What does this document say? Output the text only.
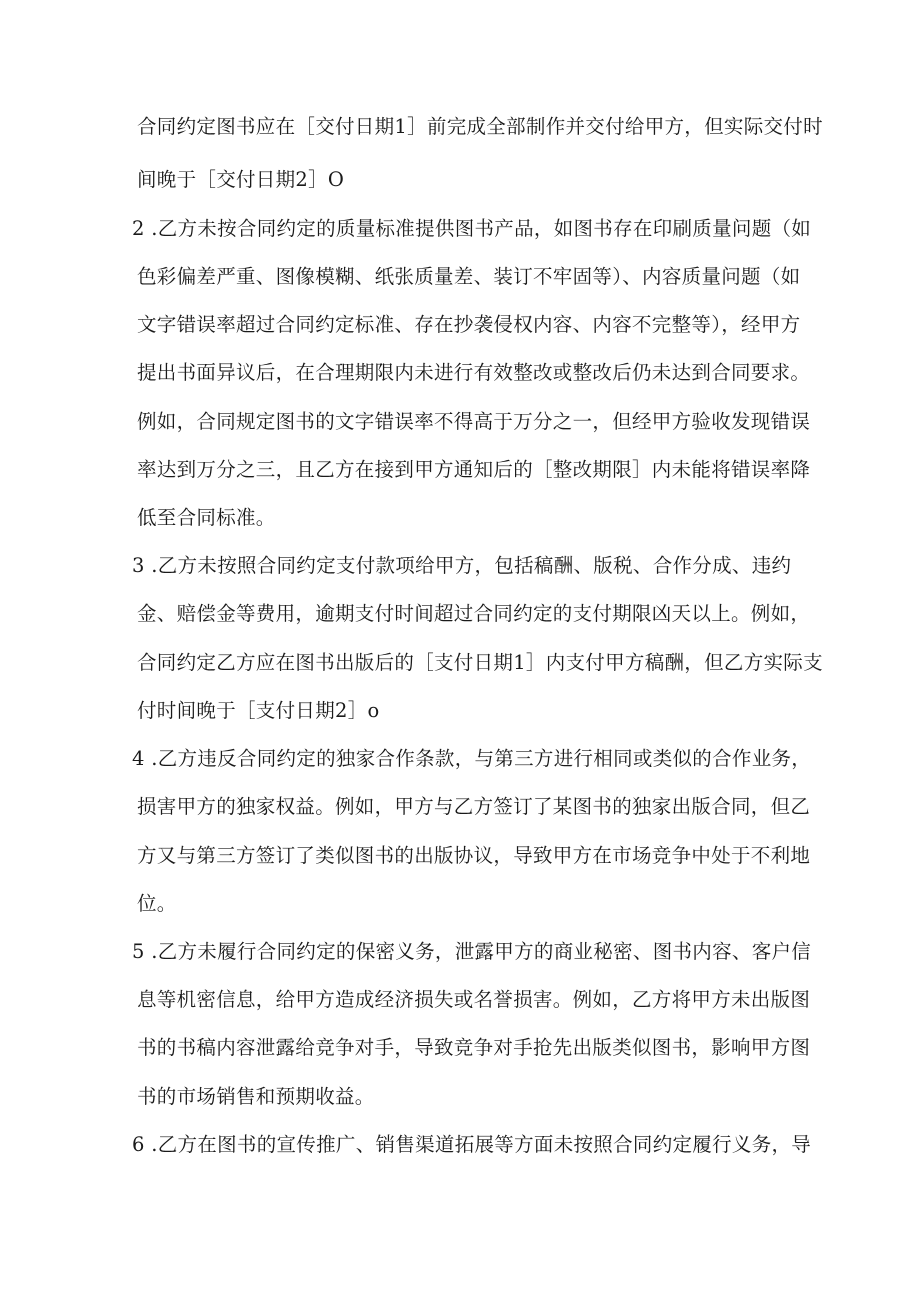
合同约定图书应在［交付日期1］前完成全部制作并交付给甲方，但实际交付时
间晚于［交付日期2］O
2 .乙方未按合同约定的质量标准提供图书产品，如图书存在印刷质量问题（如
色彩偏差严重、图像模糊、纸张质量差、装订不牢固等）、内容质量问题（如
文字错误率超过合同约定标准、存在抄袭侵权内容、内容不完整等），经甲方
提出书面异议后，在合理期限内未进行有效整改或整改后仍未达到合同要求。
例如，合同规定图书的文字错误率不得高于万分之一，但经甲方验收发现错误
率达到万分之三，且乙方在接到甲方通知后的［整改期限］内未能将错误率降
低至合同标准。
3 .乙方未按照合同约定支付款项给甲方，包括稿酬、版税、合作分成、违约
金、赔偿金等费用，逾期支付时间超过合同约定的支付期限凶天以上。例如，
合同约定乙方应在图书出版后的［支付日期1］内支付甲方稿酬，但乙方实际支
付时间晚于［支付日期2］o
4 .乙方违反合同约定的独家合作条款，与第三方进行相同或类似的合作业务，
损害甲方的独家权益。例如，甲方与乙方签订了某图书的独家出版合同，但乙
方又与第三方签订了类似图书的出版协议，导致甲方在市场竞争中处于不利地
位。
5 .乙方未履行合同约定的保密义务，泄露甲方的商业秘密、图书内容、客户信
息等机密信息，给甲方造成经济损失或名誉损害。例如，乙方将甲方未出版图
书的书稿内容泄露给竞争对手，导致竞争对手抢先出版类似图书，影响甲方图
书的市场销售和预期收益。
6 .乙方在图书的宣传推广、销售渠道拓展等方面未按照合同约定履行义务，导
